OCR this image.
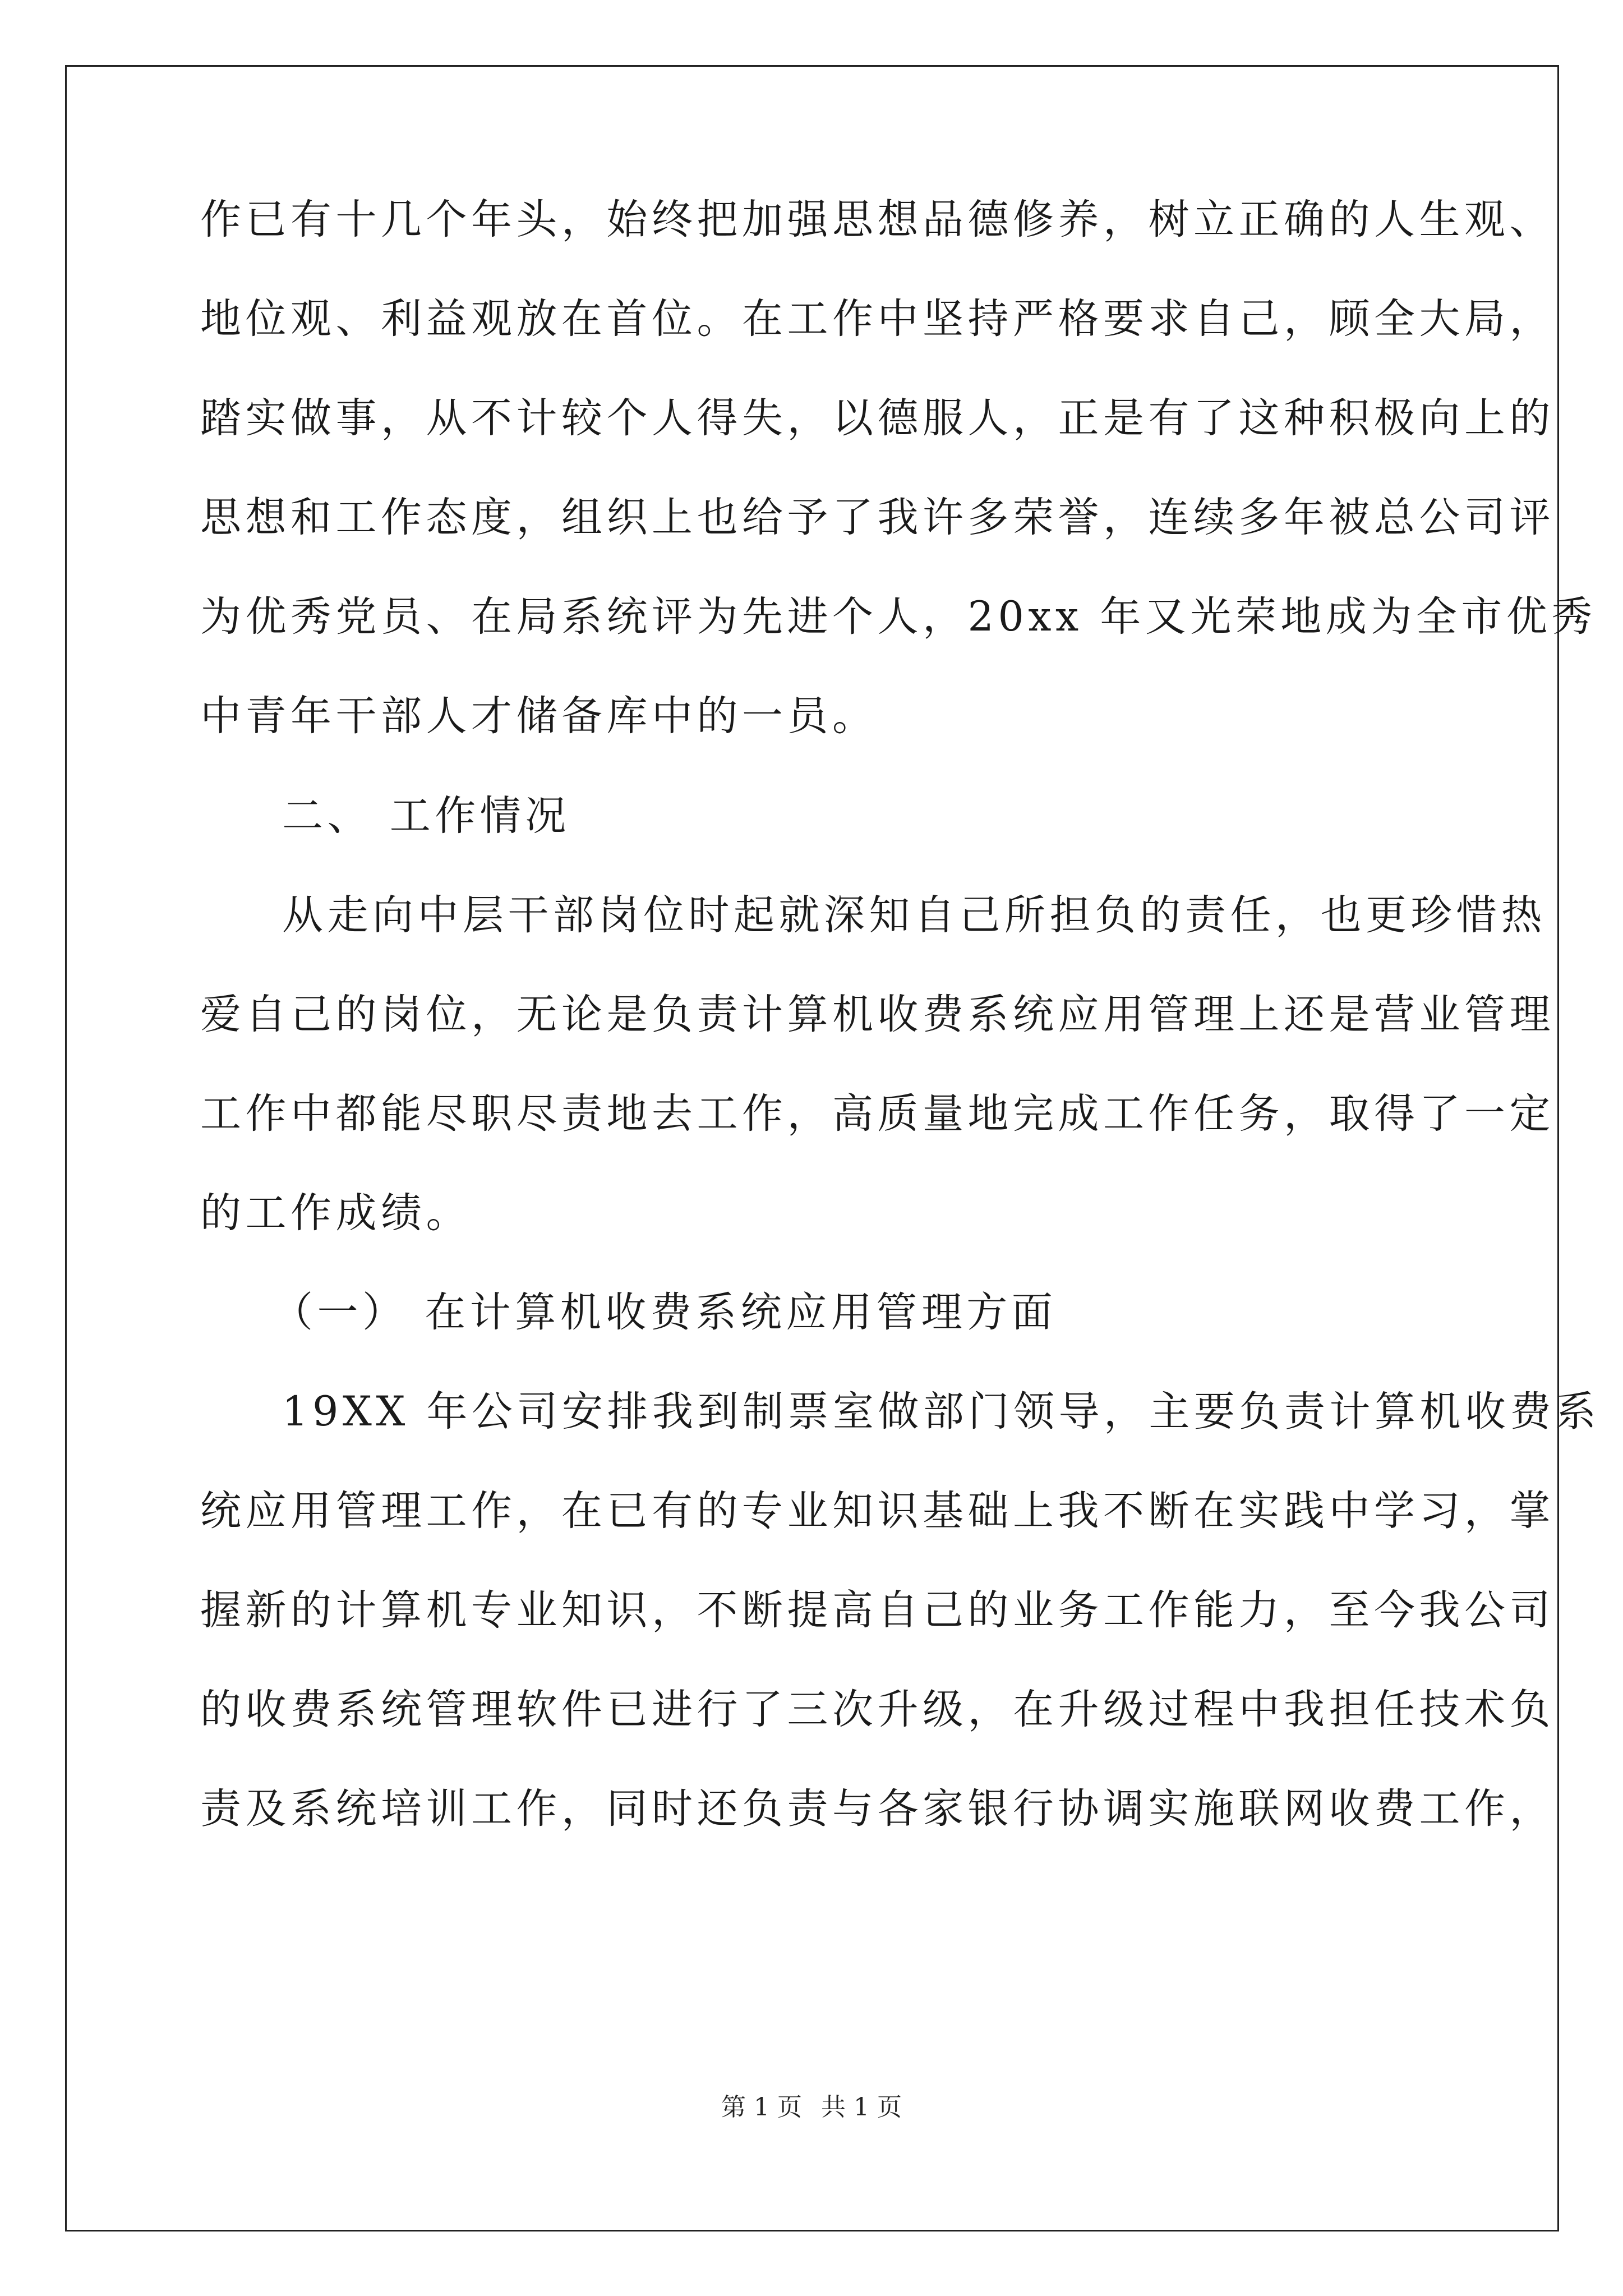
作已有十几个年头，始终把加强思想品德修养，树立正确的人生观、
地位观、利益观放在首位。在工作中坚持严格要求自己，顾全大局，
踏实做事，从不计较个人得失，以德服人，正是有了这种积极向上的
思想和工作态度，组织上也给予了我许多荣誉，连续多年被总公司评
为优秀党员、在局系统评为先进个人，20xx 年又光荣地成为全市优秀
中青年干部人才储备库中的一员。
二、 工作情况
从走向中层干部岗位时起就深知自己所担负的责任，也更珍惜热
爱自己的岗位，无论是负责计算机收费系统应用管理上还是营业管理
工作中都能尽职尽责地去工作，高质量地完成工作任务，取得了一定
的工作成绩。
（一） 在计算机收费系统应用管理方面
19XX 年公司安排我到制票室做部门领导，主要负责计算机收费系
统应用管理工作，在已有的专业知识基础上我不断在实践中学习，掌
握新的计算机专业知识，不断提高自己的业务工作能力，至今我公司
的收费系统管理软件已进行了三次升级，在升级过程中我担任技术负
责及系统培训工作，同时还负责与各家银行协调实施联网收费工作，
第 1 页 共 1 页
